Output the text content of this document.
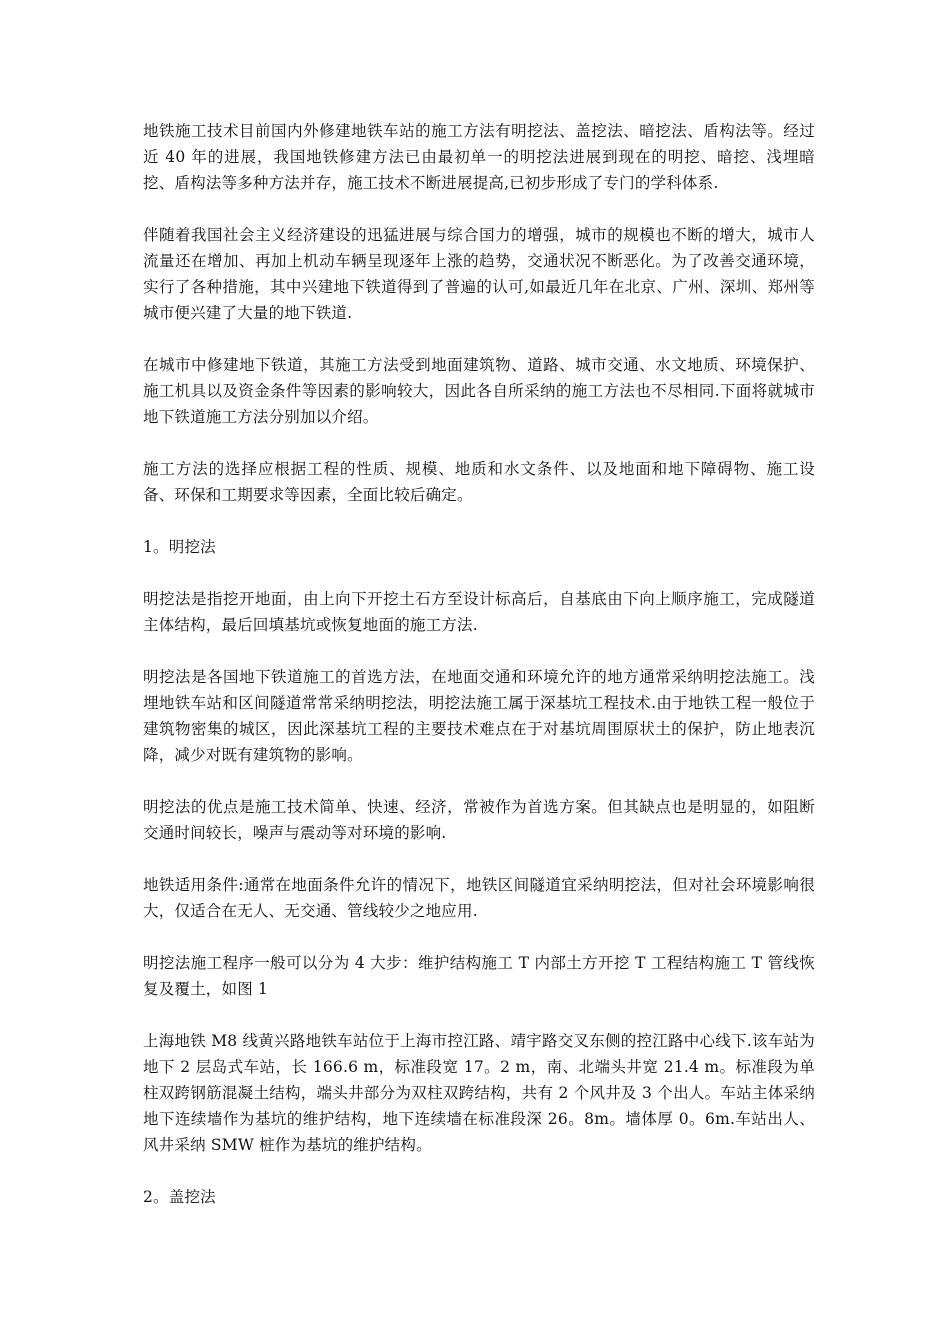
地铁施工技术目前国内外修建地铁车站的施工方法有明挖法、盖挖法、暗挖法、盾构法等。经过近 40 年的进展，我国地铁修建方法已由最初单一的明挖法进展到现在的明挖、暗挖、浅埋暗挖、盾构法等多种方法并存，施工技术不断进展提高,已初步形成了专门的学科体系.

伴随着我国社会主义经济建设的迅猛进展与综合国力的增强，城市的规模也不断的增大，城市人流量还在增加、再加上机动车辆呈现逐年上涨的趋势，交通状况不断恶化。为了改善交通环境，实行了各种措施，其中兴建地下铁道得到了普遍的认可,如最近几年在北京、广州、深圳、郑州等城市便兴建了大量的地下铁道.

在城市中修建地下铁道，其施工方法受到地面建筑物、道路、城市交通、水文地质、环境保护、施工机具以及资金条件等因素的影响较大，因此各自所采纳的施工方法也不尽相同.下面将就城市地下铁道施工方法分别加以介绍。

施工方法的选择应根据工程的性质、规模、地质和水文条件、以及地面和地下障碍物、施工设备、环保和工期要求等因素，全面比较后确定。

1。明挖法

明挖法是指挖开地面，由上向下开挖土石方至设计标高后，自基底由下向上顺序施工，完成隧道主体结构，最后回填基坑或恢复地面的施工方法.

明挖法是各国地下铁道施工的首选方法，在地面交通和环境允许的地方通常采纳明挖法施工。浅埋地铁车站和区间隧道常常采纳明挖法，明挖法施工属于深基坑工程技术.由于地铁工程一般位于建筑物密集的城区，因此深基坑工程的主要技术难点在于对基坑周围原状土的保护，防止地表沉降，减少对既有建筑物的影响。

明挖法的优点是施工技术简单、快速、经济，常被作为首选方案。但其缺点也是明显的，如阻断交通时间较长，噪声与震动等对环境的影响.

地铁适用条件:通常在地面条件允许的情况下，地铁区间隧道宜采纳明挖法，但对社会环境影响很大，仅适合在无人、无交通、管线较少之地应用.

明挖法施工程序一般可以分为 4 大步：维护结构施工 T 内部土方开挖 T 工程结构施工 T 管线恢复及覆土，如图 1

上海地铁 M8 线黄兴路地铁车站位于上海市控江路、靖宇路交叉东侧的控江路中心线下.该车站为地下 2 层岛式车站，长 166.6 m，标准段宽 17。2 m，南、北端头井宽 21.4 m。标准段为单柱双跨钢筋混凝土结构，端头井部分为双柱双跨结构，共有 2 个风井及 3 个出人。车站主体采纳地下连续墙作为基坑的维护结构，地下连续墙在标准段深 26。8m。墙体厚 0。6m.车站出人、风井采纳 SMW 桩作为基坑的维护结构。

2。盖挖法
